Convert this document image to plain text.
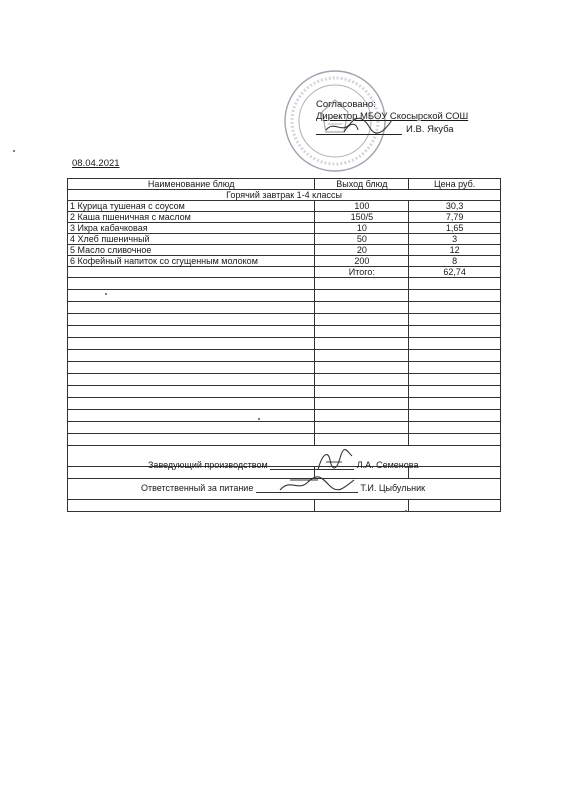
Согласовано:
Директор МБОУ Скосырской СОШ
И.В. Якуба
08.04.2021
Наименование блюд	Выход блюд	Цена руб.
Горячий завтрак 1-4 классы		
1 Курица тушеная с соусом	100	30,3
2 Каша пшеничная с маслом	150/5	7,79
3 Икра кабачковая	10	1,65
4 Хлеб пшеничный	50	3
5 Масло сливочное	20	12
6 Кофейный напиток со сгущенным молоком	200	8
	Итого:	62,74

Заведующий производством	Л.А. Семенова
Ответственный за питание	Т.И. Цыбульник
